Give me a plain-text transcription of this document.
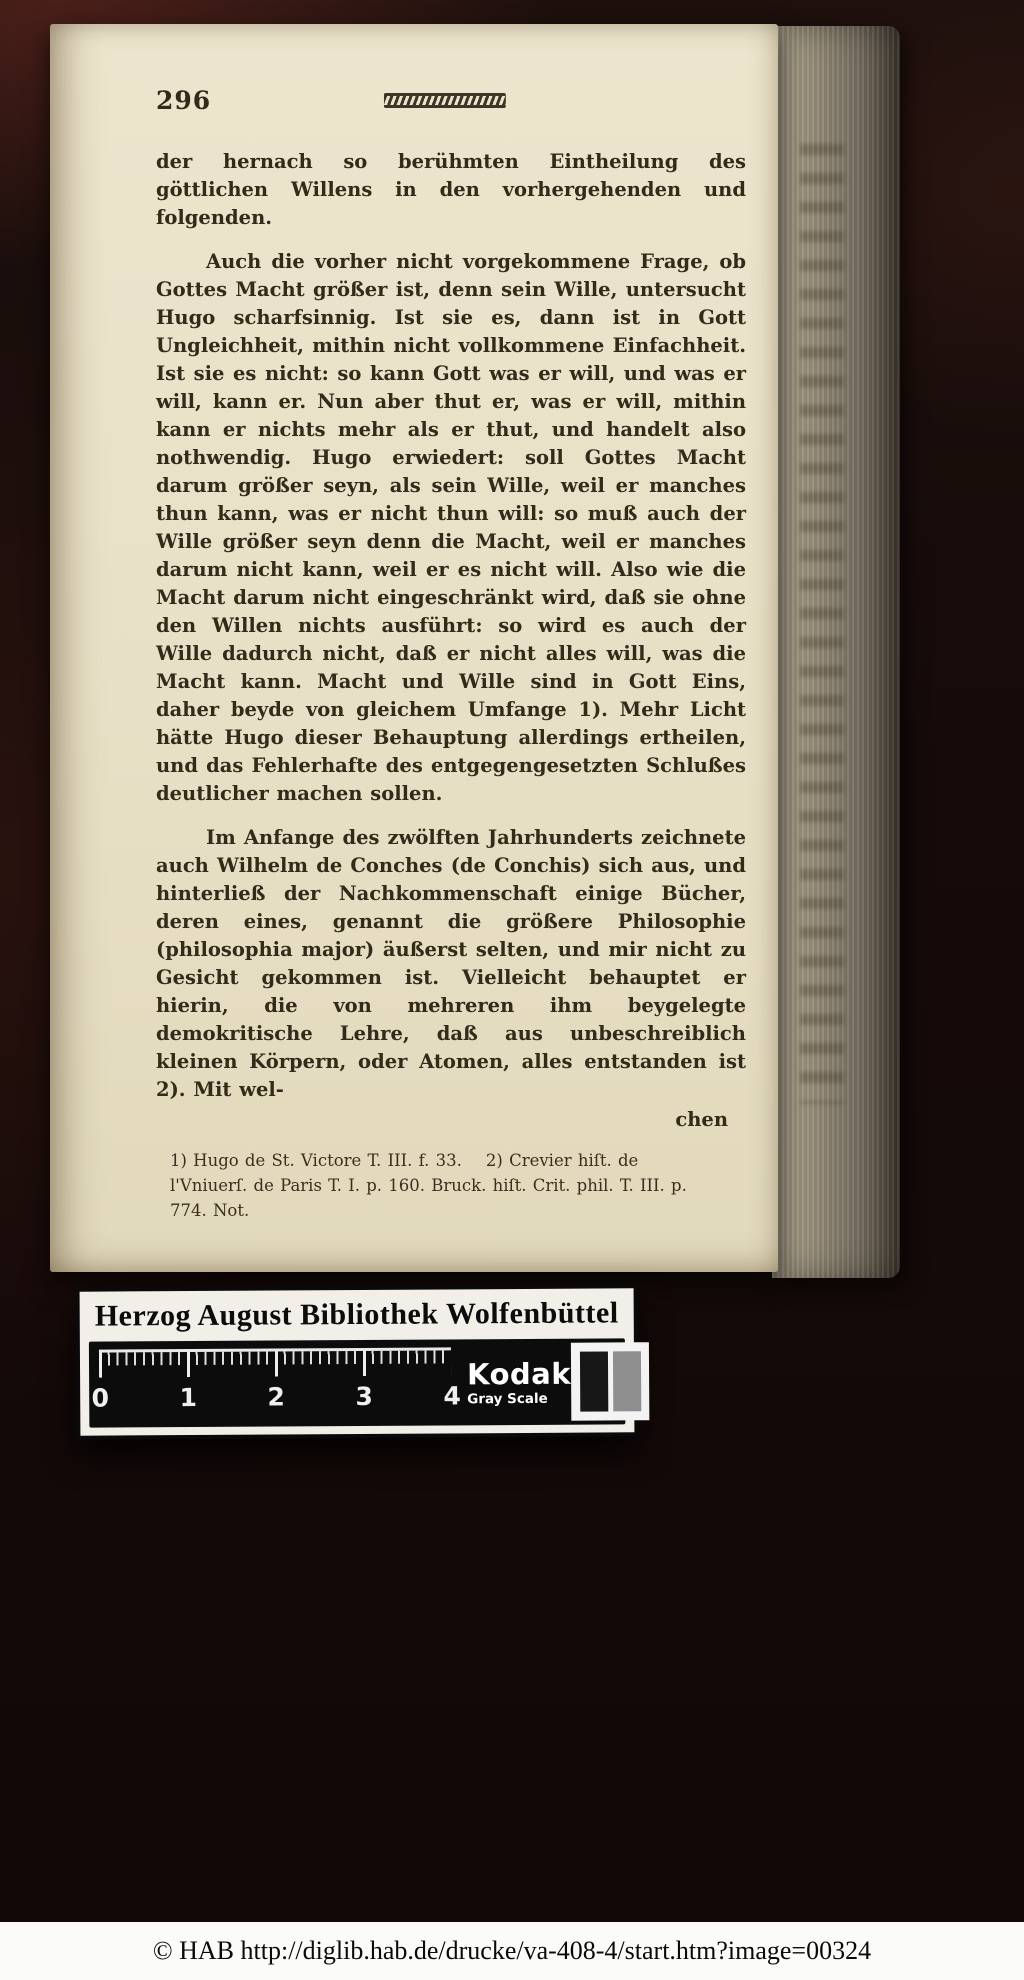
296

der hernach so berühmten Eintheilung des göttlichen Willens in den vorhergehenden und folgenden.

Auch die vorher nicht vorgekommene Frage, ob Gottes Macht größer ist, denn sein Wille, untersucht Hugo scharfsinnig. Ist sie es, dann ist in Gott Ungleichheit, mithin nicht vollkommene Einfachheit. Ist sie es nicht: so kann Gott was er will, und was er will, kann er. Nun aber thut er, was er will, mithin kann er nichts mehr als er thut, und handelt also nothwendig. Hugo erwiedert: soll Gottes Macht darum größer seyn, als sein Wille, weil er manches thun kann, was er nicht thun will: so muß auch der Wille größer seyn denn die Macht, weil er manches darum nicht kann, weil er es nicht will. Also wie die Macht darum nicht eingeschränkt wird, daß sie ohne den Willen nichts ausführt: so wird es auch der Wille dadurch nicht, daß er nicht alles will, was die Macht kann. Macht und Wille sind in Gott Eins, daher beyde von gleichem Umfange 1). Mehr Licht hätte Hugo dieser Behauptung allerdings ertheilen, und das Fehlerhafte des entgegengesetzten Schlußes deutlicher machen sollen.

Im Anfange des zwölften Jahrhunderts zeichnete auch Wilhelm de Conches (de Conchis) sich aus, und hinterließ der Nachkommenschaft einige Bücher, deren eines, genannt die größere Philosophie (philosophia major) äußerst selten, und mir nicht zu Gesicht gekommen ist. Vielleicht behauptet er hierin, die von mehreren ihm beygelegte demokritische Lehre, daß aus unbeschreiblich kleinen Körpern, oder Atomen, alles entstanden ist 2). Mit wel-

chen
1) Hugo de St. Victore T. III. f. 33. 2) Crevier hiſt. de l'Vniuerſ. de Paris T. I. p. 160. Bruck. hiſt. Crit. phil. T. III. p. 774. Not.
Herzog August Bibliothek Wolfenbüttel
0	1	2	3	4
Kodak
Gray Scale
© HAB http://diglib.hab.de/drucke/va-408-4/start.htm?image=00324
